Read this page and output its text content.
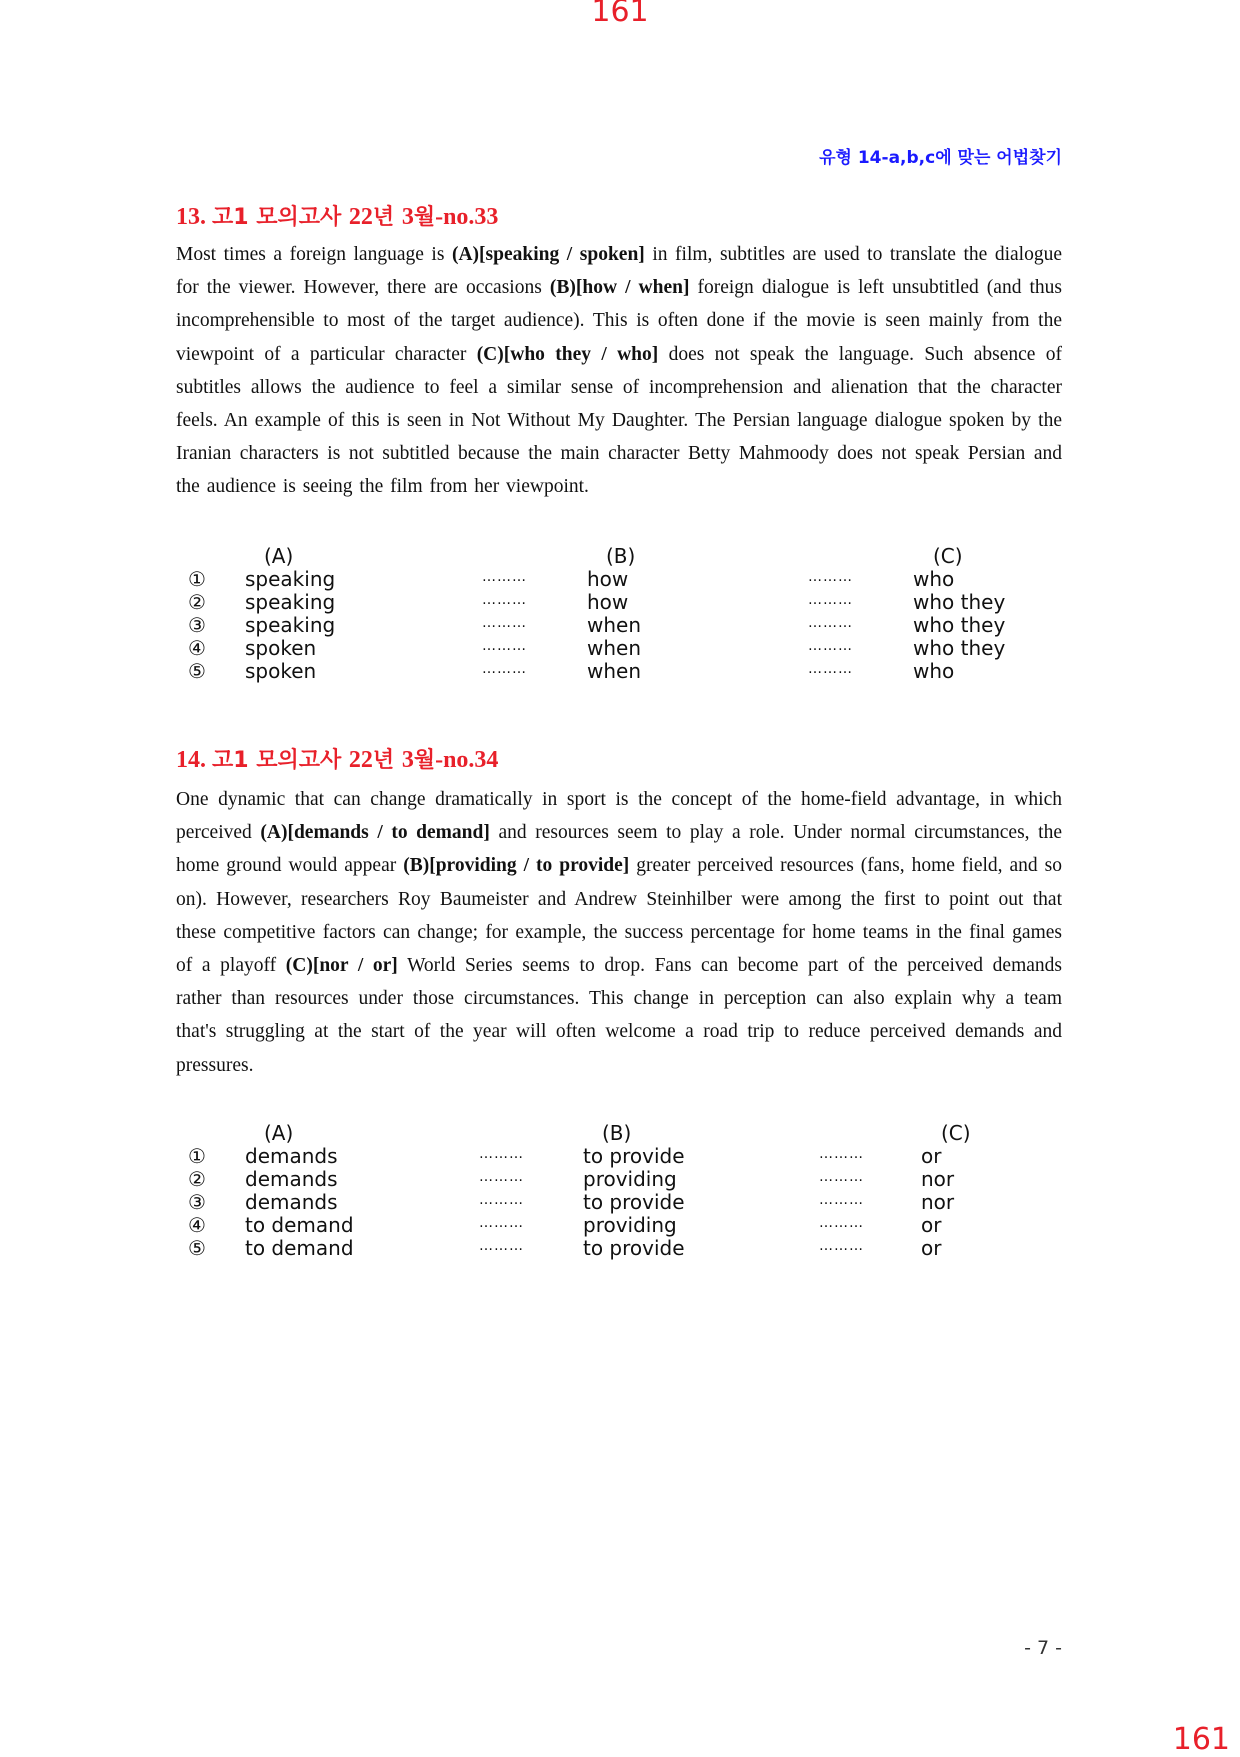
161
유형 14-a,b,c에 맞는 어법찾기
13. 고1 모의고사 22년 3월-no.33
Most times a foreign language is (A)[speaking / spoken] in film, subtitles are used to translate the dialogue for the viewer. However, there are occasions (B)[how / when] foreign dialogue is left unsubtitled (and thus incomprehensible to most of the target audience). This is often done if the movie is seen mainly from the viewpoint of a particular character (C)[who they / who] does not speak the language. Such absence of subtitles allows the audience to feel a similar sense of incomprehension and alienation that the character feels. An example of this is seen in Not Without My Daughter. The Persian language dialogue spoken by the Iranian characters is not subtitled because the main character Betty Mahmoody does not speak Persian and the audience is seeing the film from her viewpoint.
(A)	(B)	(C)
① speaking	………	how	………	who
② speaking	………	how	………	who they
③ speaking	………	when	………	who they
④ spoken	………	when	………	who they
⑤ spoken	………	when	………	who
14. 고1 모의고사 22년 3월-no.34
One dynamic that can change dramatically in sport is the concept of the home-field advantage, in which perceived (A)[demands / to demand] and resources seem to play a role. Under normal circumstances, the home ground would appear (B)[providing / to provide] greater perceived resources (fans, home field, and so on). However, researchers Roy Baumeister and Andrew Steinhilber were among the first to point out that these competitive factors can change; for example, the success percentage for home teams in the final games of a playoff (C)[nor / or] World Series seems to drop. Fans can become part of the perceived demands rather than resources under those circumstances. This change in perception can also explain why a team that's struggling at the start of the year will often welcome a road trip to reduce perceived demands and pressures.
(A)	(B)	(C)
① demands	………	to provide	………	or
② demands	………	providing	………	nor
③ demands	………	to provide	………	nor
④ to demand	………	providing	………	or
⑤ to demand	………	to provide	………	or
- 7 -
161
